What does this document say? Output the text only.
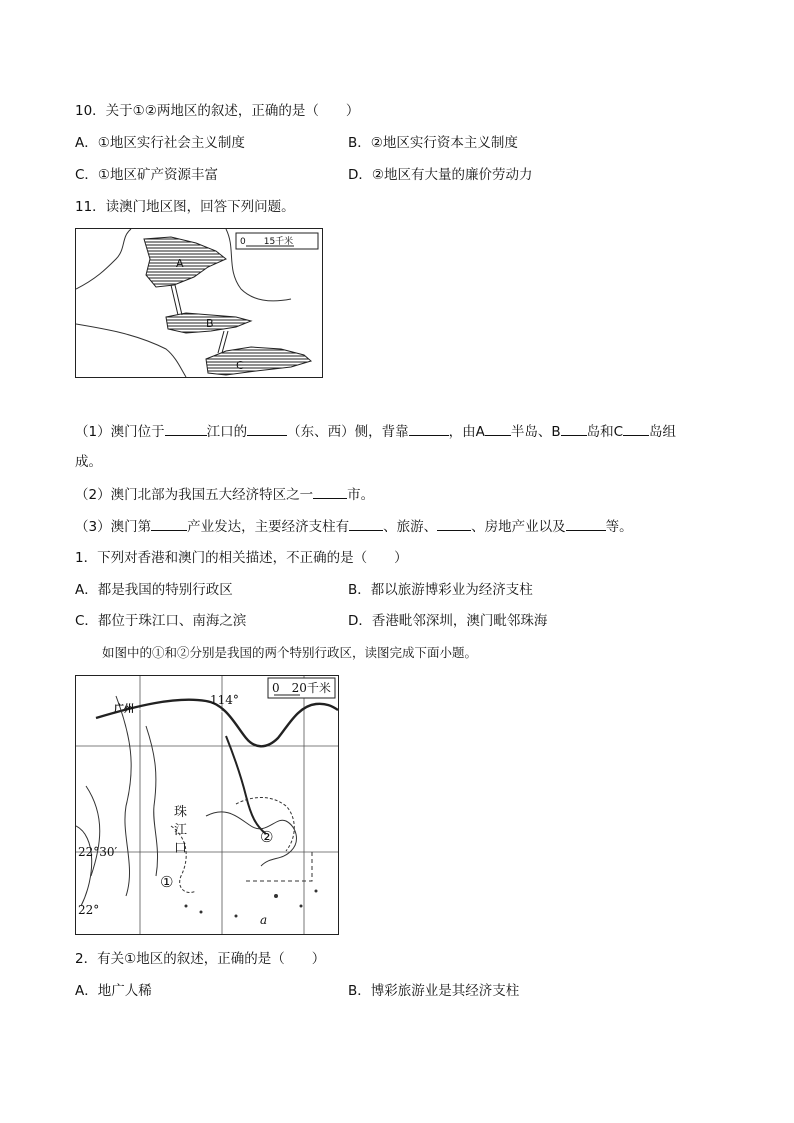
10．关于①②两地区的叙述，正确的是（　　）
A．①地区实行社会主义制度	B．②地区实行资本主义制度
C．①地区矿产资源丰富	D．②地区有大量的廉价劳动力
11．读澳门地区图，回答下列问题。
A
B
C
0　　15千米
（1）澳门位于	江口的	（东、西）侧，背靠	，由A 半岛、B 岛和C 岛组
成。
（2）澳门北部为我国五大经济特区之一	市。
（3）澳门第	产业发达，主要经济支柱有	、旅游、	、房地产业以及	等。
1．下列对香港和澳门的相关描述，不正确的是（　　）
A．都是我国的特别行政区	B．都以旅游博彩业为经济支柱
C．都位于珠江口、南海之滨	D．香港毗邻深圳，澳门毗邻珠海
如图中的①和②分别是我国的两个特别行政区，读图完成下面小题。
0　20千米
广州
114°
22°30′
22°
珠
江
口
①
②
a
2．有关①地区的叙述，正确的是（　　）
A．地广人稀	B．博彩旅游业是其经济支柱
